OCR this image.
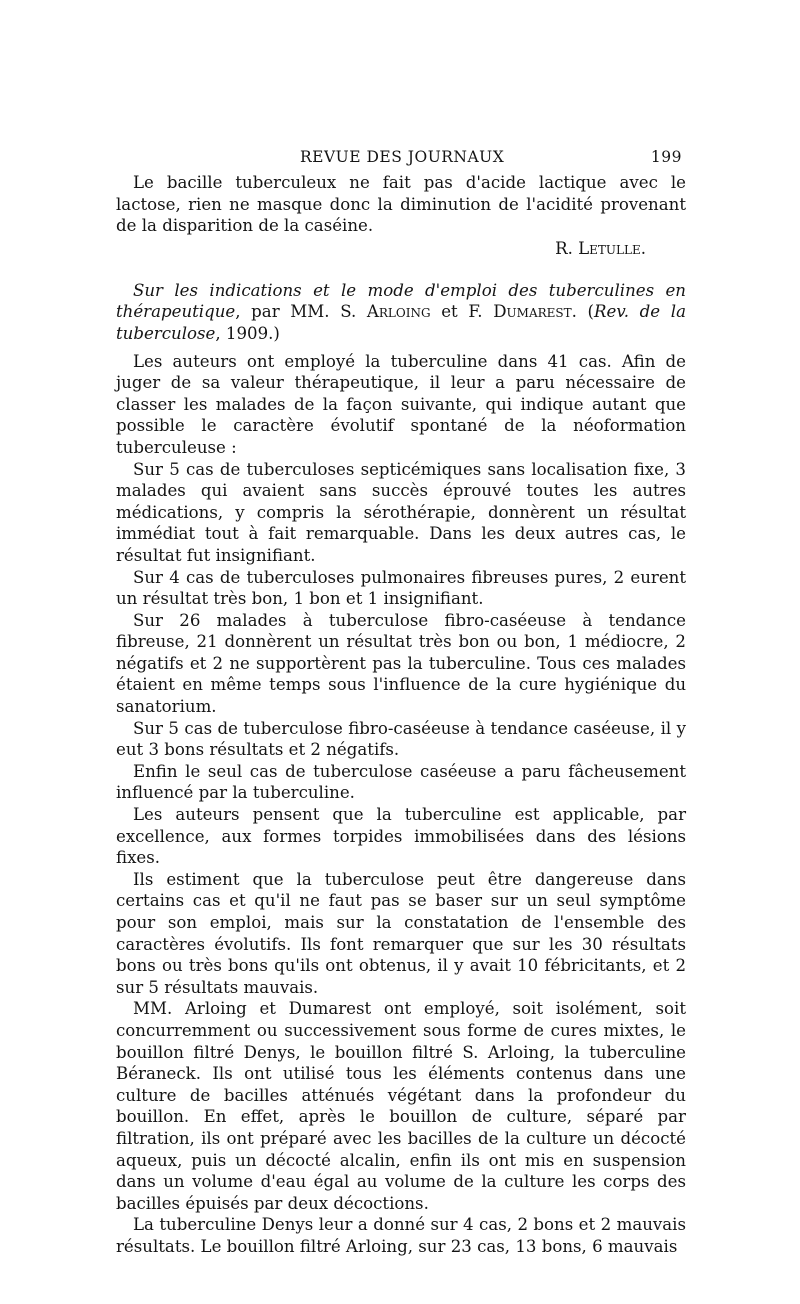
REVUE DES JOURNAUX	199

Le bacille tuberculeux ne fait pas d'acide lactique avec le lactose, rien ne masque donc la diminution de l'acidité provenant de la disparition de la caséine.

R. Letulle.
Sur les indications et le mode d'emploi des tuberculines en thérapeutique, par MM. S. Arloing et F. Dumarest. (Rev. de la tuberculose, 1909.)

Les auteurs ont employé la tuberculine dans 41 cas. Afin de juger de sa valeur thérapeutique, il leur a paru nécessaire de classer les malades de la façon suivante, qui indique autant que possible le caractère évolutif spontané de la néoformation tuberculeuse :

Sur 5 cas de tuberculoses septicémiques sans localisation fixe, 3 malades qui avaient sans succès éprouvé toutes les autres médications, y compris la sérothérapie, donnèrent un résultat immédiat tout à fait remarquable. Dans les deux autres cas, le résultat fut insignifiant.

Sur 4 cas de tuberculoses pulmonaires fibreuses pures, 2 eurent un résultat très bon, 1 bon et 1 insignifiant.

Sur 26 malades à tuberculose fibro-caséeuse à tendance fibreuse, 21 donnèrent un résultat très bon ou bon, 1 médiocre, 2 négatifs et 2 ne supportèrent pas la tuberculine. Tous ces malades étaient en même temps sous l'influence de la cure hygiénique du sanatorium.

Sur 5 cas de tuberculose fibro-caséeuse à tendance caséeuse, il y eut 3 bons résultats et 2 négatifs.

Enfin le seul cas de tuberculose caséeuse a paru fâcheusement influencé par la tuberculine.

Les auteurs pensent que la tuberculine est applicable, par excellence, aux formes torpides immobilisées dans des lésions fixes.

Ils estiment que la tuberculose peut être dangereuse dans certains cas et qu'il ne faut pas se baser sur un seul symptôme pour son emploi, mais sur la constatation de l'ensemble des caractères évolutifs. Ils font remarquer que sur les 30 résultats bons ou très bons qu'ils ont obtenus, il y avait 10 fébricitants, et 2 sur 5 résultats mauvais.

MM. Arloing et Dumarest ont employé, soit isolément, soit concurremment ou successivement sous forme de cures mixtes, le bouillon filtré Denys, le bouillon filtré S. Arloing, la tuberculine Béraneck. Ils ont utilisé tous les éléments contenus dans une culture de bacilles atténués végétant dans la profondeur du bouillon. En effet, après le bouillon de culture, séparé par filtration, ils ont préparé avec les bacilles de la culture un décocté aqueux, puis un décocté alcalin, enfin ils ont mis en suspension dans un volume d'eau égal au volume de la culture les corps des bacilles épuisés par deux décoctions.

La tuberculine Denys leur a donné sur 4 cas, 2 bons et 2 mauvais résultats. Le bouillon filtré Arloing, sur 23 cas, 13 bons, 6 mauvais
